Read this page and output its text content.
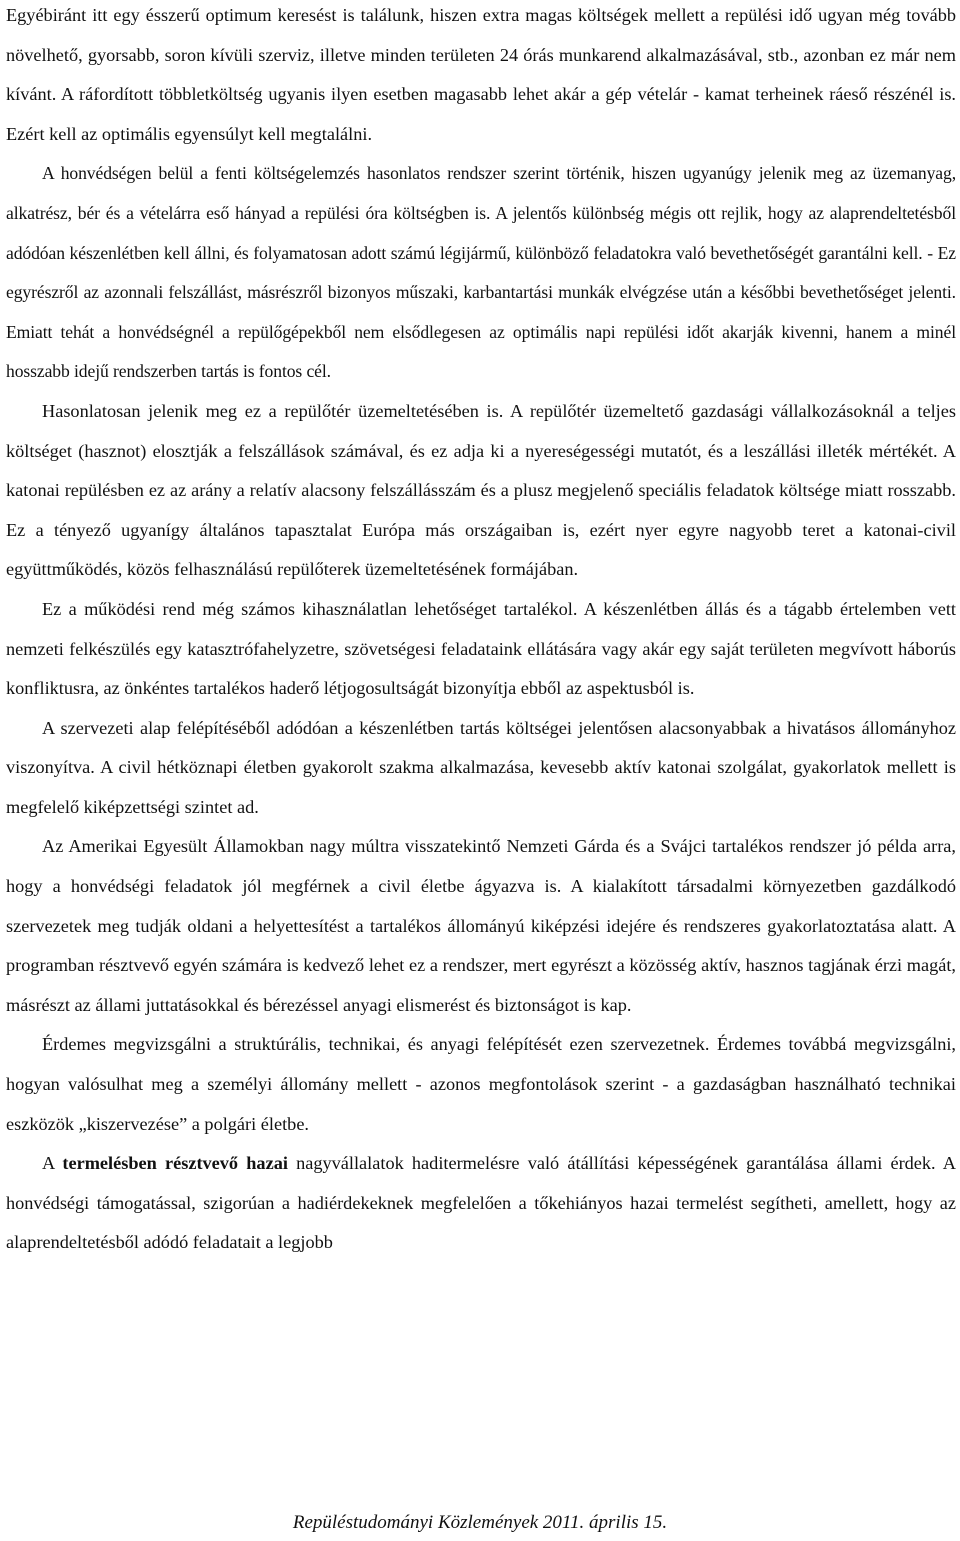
Egyébiránt itt egy ésszerű optimum keresést is találunk, hiszen extra magas költségek mellett a repülési idő ugyan még tovább növelhető, gyorsabb, soron kívüli szerviz, illetve minden területen 24 órás munkarend alkalmazásával, stb., azonban ez már nem kívánt. A ráfordított többletköltség ugyanis ilyen esetben magasabb lehet akár a gép vételár - kamat terheinek ráeső részénél is. Ezért kell az optimális egyensúlyt kell megtalálni.

A honvédségen belül a fenti költségelemzés hasonlatos rendszer szerint történik, hiszen ugyanúgy jelenik meg az üzemanyag, alkatrész, bér és a vételárra eső hányad a repülési óra költségben is. A jelentős különbség mégis ott rejlik, hogy az alaprendeltetésből adódóan készenlétben kell állni, és folyamatosan adott számú légijármű, különböző feladatokra való bevethetőségét garantálni kell. - Ez egyrészről az azonnali felszállást, másrészről bizonyos műszaki, karbantartási munkák elvégzése után a későbbi bevethetőséget jelenti. Emiatt tehát a honvédségnél a repülőgépekből nem elsődlegesen az optimális napi repülési időt akarják kivenni, hanem a minél hosszabb idejű rendszerben tartás is fontos cél.

Hasonlatosan jelenik meg ez a repülőtér üzemeltetésében is. A repülőtér üzemeltető gazdasági vállalkozásoknál a teljes költséget (hasznot) elosztják a felszállások számával, és ez adja ki a nyereségességi mutatót, és a leszállási illeték mértékét. A katonai repülésben ez az arány a relatív alacsony felszállásszám és a plusz megjelenő speciális feladatok költsége miatt rosszabb. Ez a tényező ugyanígy általános tapasztalat Európa más országaiban is, ezért nyer egyre nagyobb teret a katonai-civil együttműködés, közös felhasználású repülőterek üzemeltetésének formájában.

Ez a működési rend még számos kihasználatlan lehetőséget tartalékol. A készenlétben állás és a tágabb értelemben vett nemzeti felkészülés egy katasztrófahelyzetre, szövetségesi feladataink ellátására vagy akár egy saját területen megvívott háborús konfliktusra, az önkéntes tartalékos haderő létjogosultságát bizonyítja ebből az aspektusból is.

A szervezeti alap felépítéséből adódóan a készenlétben tartás költségei jelentősen alacsonyabbak a hivatásos állományhoz viszonyítva. A civil hétköznapi életben gyakorolt szakma alkalmazása, kevesebb aktív katonai szolgálat, gyakorlatok mellett is megfelelő kiképzettségi szintet ad.

Az Amerikai Egyesült Államokban nagy múltra visszatekintő Nemzeti Gárda és a Svájci tartalékos rendszer jó példa arra, hogy a honvédségi feladatok jól megférnek a civil életbe ágyazva is. A kialakított társadalmi környezetben gazdálkodó szervezetek meg tudják oldani a helyettesítést a tartalékos állományú kiképzési idejére és rendszeres gyakorlatoztatása alatt. A programban résztvevő egyén számára is kedvező lehet ez a rendszer, mert egyrészt a közösség aktív, hasznos tagjának érzi magát, másrészt az állami juttatásokkal és bérezéssel anyagi elismerést és biztonságot is kap.

Érdemes megvizsgálni a struktúrális, technikai, és anyagi felépítését ezen szervezetnek. Érdemes továbbá megvizsgálni, hogyan valósulhat meg a személyi állomány mellett - azonos megfontolások szerint - a gazdaságban használható technikai eszközök „kiszervezése” a polgári életbe.

A termelésben résztvevő hazai nagyvállalatok haditermelésre való átállítási képességének garantálása állami érdek. A honvédségi támogatással, szigorúan a hadiérdekeknek megfelelően a tőkehiányos hazai termelést segítheti, amellett, hogy az alaprendeltetésből adódó feladatait a legjobb

Repüléstudományi Közlemények 2011. április 15.
